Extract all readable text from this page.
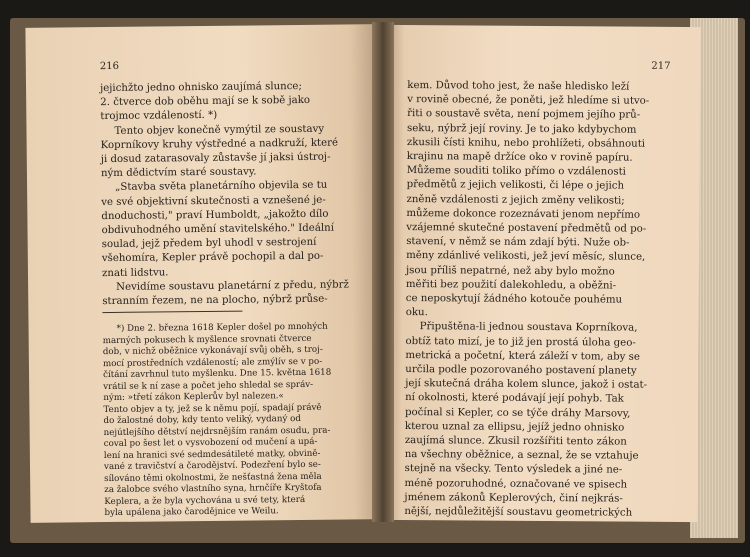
216
jejichžto jedno ohnisko zaujímá slunce;
2. čtverce dob oběhu mají se k sobě jako
trojmoc vzdáleností. *)
Tento objev konečně vymýtil ze soustavy
Koprníkovy kruhy výstředné a nadkruží, které
ji dosud zatarasovaly zůstavše jí jaksi ústroj-
ným dědictvím staré soustavy.
„Stavba světa planetárního objevila se tu
ve své objektivní skutečnosti a vznešené je-
dnoduchosti," praví Humboldt, „jakožto dílo
obdivuhodného umění stavitelského." Ideální
soulad, jejž předem byl uhodl v sestrojení
všehomíra, Kepler právě pochopil a dal po-
znati lidstvu.
Nevidíme soustavu planetární z předu, nýbrž
stranním řezem, ne na plocho, nýbrž průse-
*) Dne 2. března 1618 Kepler došel po mnohých
marných pokusech k myšlence srovnati čtverce
dob, v nichž oběžnice vykonávají svůj oběh, s troj-
mocí prostředních vzdáleností; ale zmýlív se v po-
čítání zavrhnul tuto myšlenku. Dne 15. května 1618
vrátil se k ní zase a počet jeho shledal se správ-
ným: »třetí zákon Keplerův byl nalezen.«
Tento objev a ty, jež se k němu pojí, spadají právě
do žalostné doby, kdy tento veliký, vydaný od
nejútlejšího dětství nejdrsnějším ranám osudu, pra-
coval po šest let o vysvobození od mučení a upá-
lení na hranici své sedmdesátileté matky, obvině-
vané z travičství a čarodějství. Podezření bylo se-
sílováno těmi okolnostmi, že nešťastná žena měla
za žalobce svého vlastního syna, hrnčíře Kryštofa
Keplera, a že byla vychována u své tety, která
byla upálena jako čarodějnice ve Weilu.
217
kem. Důvod toho jest, že naše hledisko leží
v rovině obecné, že poněti, jež hledíme si utvo-
řiti o soustavě světa, není pojmem jejího prů-
seku, nýbrž její roviny. Je to jako kdybychom
zkusili čísti knihu, nebo prohlížeti, obsáhnouti
krajinu na mapě držíce oko v rovině papíru.
Můžeme souditi toliko přímo o vzdálenosti
předmětů z jejich velikosti, či lépe o jejich
zněně vzdálenosti z jejich změny velikosti;
můžeme dokonce rozeznávati jenom nepřímo
vzájemné skutečné postavení předmětů od po-
stavení, v němž se nám zdají býti. Nuže ob-
měny zdánlivé velikosti, jež jeví měsíc, slunce,
jsou příliš nepatrné, než aby bylo možno
měřiti bez použití dalekohledu, a oběžni-
ce neposkytují žádného kotouče pouhému
oku.
Připuštěna-li jednou soustava Koprníkova,
obtíž tato mizí, je to již jen prostá úloha geo-
metrická a početní, která záleží v tom, aby se
určila podle pozorovaného postavení planety
její skutečná dráha kolem slunce, jakož i ostat-
ní okolnosti, které podávají její pohyb. Tak
počínal si Kepler, co se týče dráhy Marsovy,
kterou uznal za ellipsu, jejíž jedno ohnisko
zaujímá slunce. Zkusil rozšířiti tento zákon
na všechny oběžnice, a seznal, že se vztahuje
stejně na všecky. Tento výsledek a jiné ne-
méně pozoruhodné, označované ve spisech
jménem zákonů Keplerových, činí nejkrás-
nější, nejdůležitější soustavu geometrických
